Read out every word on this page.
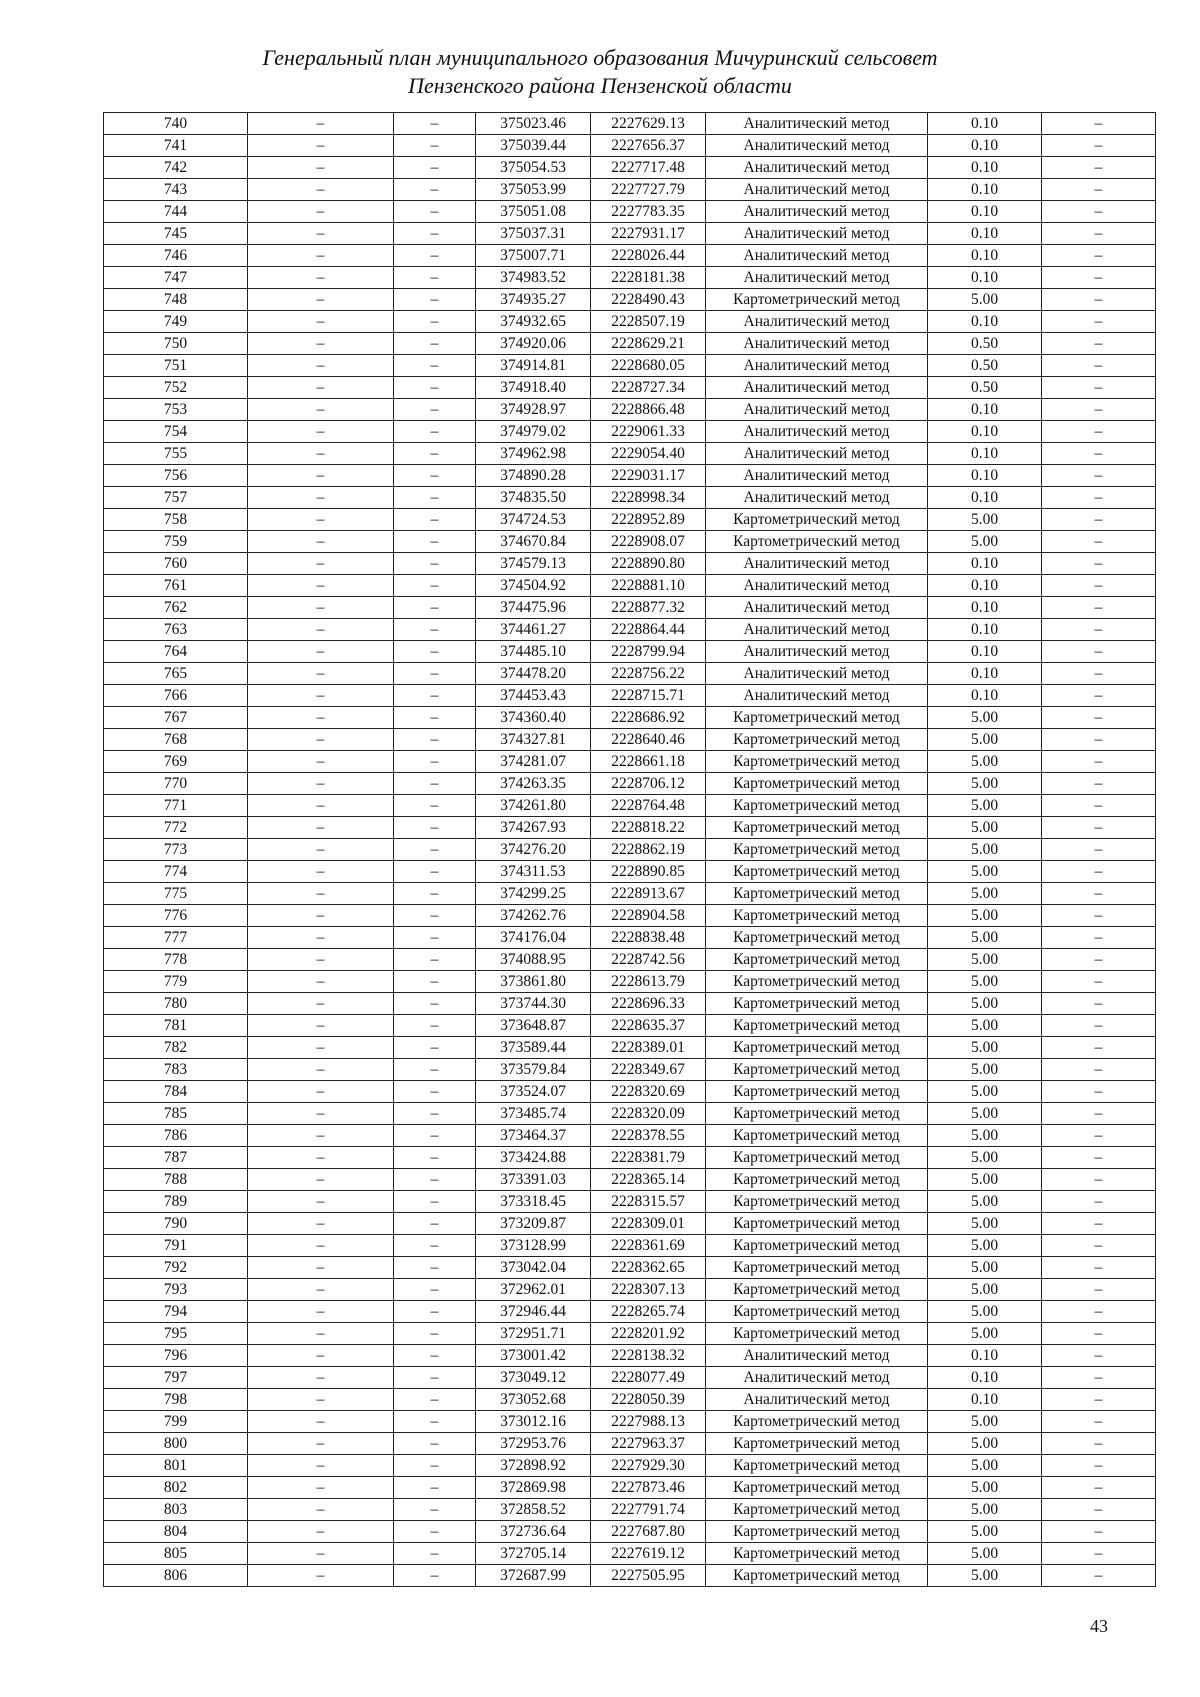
Генеральный план муниципального образования Мичуринский сельсовет
Пензенского района Пензенской области
740	–	–	375023.46	2227629.13	Аналитический метод	0.10	–
741	–	–	375039.44	2227656.37	Аналитический метод	0.10	–
742	–	–	375054.53	2227717.48	Аналитический метод	0.10	–
743	–	–	375053.99	2227727.79	Аналитический метод	0.10	–
744	–	–	375051.08	2227783.35	Аналитический метод	0.10	–
745	–	–	375037.31	2227931.17	Аналитический метод	0.10	–
746	–	–	375007.71	2228026.44	Аналитический метод	0.10	–
747	–	–	374983.52	2228181.38	Аналитический метод	0.10	–
748	–	–	374935.27	2228490.43	Картометрический метод	5.00	–
749	–	–	374932.65	2228507.19	Аналитический метод	0.10	–
750	–	–	374920.06	2228629.21	Аналитический метод	0.50	–
751	–	–	374914.81	2228680.05	Аналитический метод	0.50	–
752	–	–	374918.40	2228727.34	Аналитический метод	0.50	–
753	–	–	374928.97	2228866.48	Аналитический метод	0.10	–
754	–	–	374979.02	2229061.33	Аналитический метод	0.10	–
755	–	–	374962.98	2229054.40	Аналитический метод	0.10	–
756	–	–	374890.28	2229031.17	Аналитический метод	0.10	–
757	–	–	374835.50	2228998.34	Аналитический метод	0.10	–
758	–	–	374724.53	2228952.89	Картометрический метод	5.00	–
759	–	–	374670.84	2228908.07	Картометрический метод	5.00	–
760	–	–	374579.13	2228890.80	Аналитический метод	0.10	–
761	–	–	374504.92	2228881.10	Аналитический метод	0.10	–
762	–	–	374475.96	2228877.32	Аналитический метод	0.10	–
763	–	–	374461.27	2228864.44	Аналитический метод	0.10	–
764	–	–	374485.10	2228799.94	Аналитический метод	0.10	–
765	–	–	374478.20	2228756.22	Аналитический метод	0.10	–
766	–	–	374453.43	2228715.71	Аналитический метод	0.10	–
767	–	–	374360.40	2228686.92	Картометрический метод	5.00	–
768	–	–	374327.81	2228640.46	Картометрический метод	5.00	–
769	–	–	374281.07	2228661.18	Картометрический метод	5.00	–
770	–	–	374263.35	2228706.12	Картометрический метод	5.00	–
771	–	–	374261.80	2228764.48	Картометрический метод	5.00	–
772	–	–	374267.93	2228818.22	Картометрический метод	5.00	–
773	–	–	374276.20	2228862.19	Картометрический метод	5.00	–
774	–	–	374311.53	2228890.85	Картометрический метод	5.00	–
775	–	–	374299.25	2228913.67	Картометрический метод	5.00	–
776	–	–	374262.76	2228904.58	Картометрический метод	5.00	–
777	–	–	374176.04	2228838.48	Картометрический метод	5.00	–
778	–	–	374088.95	2228742.56	Картометрический метод	5.00	–
779	–	–	373861.80	2228613.79	Картометрический метод	5.00	–
780	–	–	373744.30	2228696.33	Картометрический метод	5.00	–
781	–	–	373648.87	2228635.37	Картометрический метод	5.00	–
782	–	–	373589.44	2228389.01	Картометрический метод	5.00	–
783	–	–	373579.84	2228349.67	Картометрический метод	5.00	–
784	–	–	373524.07	2228320.69	Картометрический метод	5.00	–
785	–	–	373485.74	2228320.09	Картометрический метод	5.00	–
786	–	–	373464.37	2228378.55	Картометрический метод	5.00	–
787	–	–	373424.88	2228381.79	Картометрический метод	5.00	–
788	–	–	373391.03	2228365.14	Картометрический метод	5.00	–
789	–	–	373318.45	2228315.57	Картометрический метод	5.00	–
790	–	–	373209.87	2228309.01	Картометрический метод	5.00	–
791	–	–	373128.99	2228361.69	Картометрический метод	5.00	–
792	–	–	373042.04	2228362.65	Картометрический метод	5.00	–
793	–	–	372962.01	2228307.13	Картометрический метод	5.00	–
794	–	–	372946.44	2228265.74	Картометрический метод	5.00	–
795	–	–	372951.71	2228201.92	Картометрический метод	5.00	–
796	–	–	373001.42	2228138.32	Аналитический метод	0.10	–
797	–	–	373049.12	2228077.49	Аналитический метод	0.10	–
798	–	–	373052.68	2228050.39	Аналитический метод	0.10	–
799	–	–	373012.16	2227988.13	Картометрический метод	5.00	–
800	–	–	372953.76	2227963.37	Картометрический метод	5.00	–
801	–	–	372898.92	2227929.30	Картометрический метод	5.00	–
802	–	–	372869.98	2227873.46	Картометрический метод	5.00	–
803	–	–	372858.52	2227791.74	Картометрический метод	5.00	–
804	–	–	372736.64	2227687.80	Картометрический метод	5.00	–
805	–	–	372705.14	2227619.12	Картометрический метод	5.00	–
806	–	–	372687.99	2227505.95	Картометрический метод	5.00	–
43
